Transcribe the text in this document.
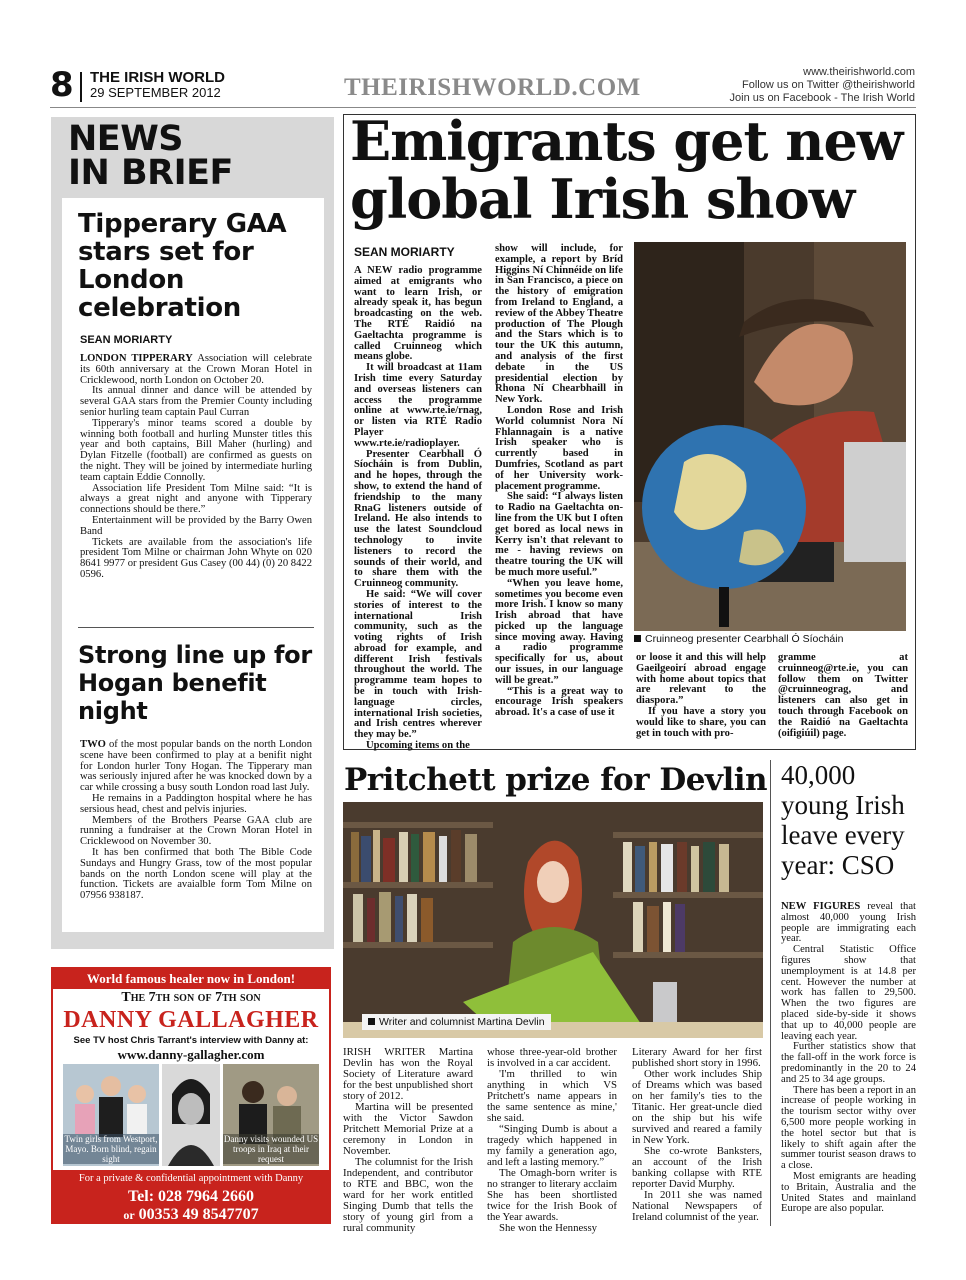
8 THE IRISH WORLD
29 SEPTEMBER 2012	THEIRISHWORLD.COM
www.theirishworld.com
Follow us on Twitter @theirishworld
Join us on Facebook - The Irish World
NEWS
IN BRIEF
Tipperary GAA stars set for London celebration
SEAN MORIARTY

LONDON TIPPERARY Association will celebrate its 60th anniversary at the Crown Moran Hotel in Cricklewood, north London on October 20.

Its annual dinner and dance will be attended by several GAA stars from the Premier County including senior hurling team captain Paul Curran

Tipperary's minor teams scored a double by winning both football and hurling Munster titles this year and both captains, Bill Maher (hurling) and Dylan Fitzelle (football) are confirmed as guests on the night. They will be joined by intermediate hurling team captain Eddie Connolly.

Association life President Tom Milne said: “It is always a great night and anyone with Tipperary connections should be there.”

Entertainment will be provided by the Barry Owen Band

Tickets are available from the association's life president Tom Milne or chairman John Whyte on 020 8641 9977 or president Gus Casey (00 44) (0) 20 8422 0596.

Strong line up for Hogan benefit night

TWO of the most popular bands on the north London scene have been confirmed to play at a benifit night for London hurler Tony Hogan. The Tipperary man was seriously injured after he was knocked down by a car while crossing a busy south London road last July.

He remains in a Paddington hospital where he has sersious head, chest and pelvis injuries.

Members of the Brothers Pearse GAA club are running a fundraiser at the Crown Moran Hotel in Cricklewood on November 30.

It has ben confirmed that both The Bible Code Sundays and Hungry Grass, tow of the most popular bands on the north London scene will play at the function. Tickets are avaialble form Tom Milne on 07956 938187.

Emigrants get new global Irish show
SEAN MORIARTY

A NEW radio programme aimed at emigrants who want to learn Irish, or already speak it, has begun broadcasting on the web. The RTÉ Raidió na Gaeltachta programme is called Cruinneog which means globe.

It will broadcast at 11am Irish time every Saturday and overseas listeners can access the programme online at www.rte.ie/rnag, or listen via RTÉ Radio Player www.rte.ie/radioplayer.

Presenter Cearbhall Ó Síocháin is from Dublin, and he hopes, through the show, to extend the hand of friendship to the many RnaG listeners outside of Ireland. He also intends to use the latest Soundcloud technology to invite listeners to record the sounds of their world, and to share them with the Cruinneog community.

He said: “We will cover stories of interest to the international Irish community, such as the voting rights of Irish abroad for example, and different Irish festivals throughout the world. The programme team hopes to be in touch with Irish-language circles, international Irish societies, and Irish centres wherever they may be.”

Upcoming items on the

show will include, for example, a report by Bríd Higgins Ní Chinnéide on life in San Francisco, a piece on the history of emigration from Ireland to England, a review of the Abbey Theatre production of The Plough and the Stars which is to tour the UK this autumn, and analysis of the first debate in the US presidential election by Rhona Ní Chearbhaill in New York.

London Rose and Irish World columnist Nora Ní Fhlannagain is a native Irish speaker who is currently based in Dumfries, Scotland as part of her University work-placement programme.

She said: “I always listen to Radio na Gaeltachta on-line from the UK but I often get bored as local news in Kerry isn't that relevant to me - having reviews on theatre touring the UK will be much more useful.”

“When you leave home, sometimes you become even more Irish. I know so many Irish abroad that have picked up the language since moving away. Having a radio programme specifically for us, about our issues, in our language will be great.”

“This is a great way to encourage Irish speakers abroad. It's a case of use it

Cruinneog presenter Cearbhall Ó Síocháin

or loose it and this will help Gaeilgeoirí abroad engage with home about topics that are relevant to the diaspora.”

If you have a story you would like to share, you can get in touch with pro-

gramme at cruinneog@rte.ie, you can follow them on Twitter @cruinneograg, and listeners can also get in touch through Facebook on the Raidió na Gaeltachta (oifigiúil) page.

Pritchett prize for Devlin
Writer and columnist Martina Devlin

IRISH WRITER Martina Devlin has won the Royal Society of Literature award for the best unpublished short story of 2012.

Martina will be presented with the Victor Sawdon Pritchett Memorial Prize at a ceremony in London in November.

The columnist for the Irish Independent, and contributor to RTE and BBC, won the ward for her work entitled Singing Dumb that tells the story of young girl from a rural community

whose three-year-old brother is involved in a car accident.

'I'm thrilled to win anything in which VS Pritchett's name appears in the same sentence as mine,' she said.

“Singing Dumb is about a tragedy which happened in my family a generation ago, and left a lasting memory.”

The Omagh-born writer is no stranger to literary acclaim She has been shortlisted twice for the Irish Book of the Year awards.

She won the Hennessy

Literary Award for her first published short story in 1996.

Other work includes Ship of Dreams which was based on her family's ties to the Titanic. Her great-uncle died on the ship but his wife survived and reared a family in New York.

She co-wrote Banksters, an account of the Irish banking collapse with RTE reporter David Murphy.

In 2011 she was named National Newspapers of Ireland columnist of the year.

40,000 young Irish leave every year: CSO

NEW FIGURES reveal that almost 40,000 young Irish people are immigrating each year.

Central Statistic Office figures show that unemployment is at 14.8 per cent. However the number at work has fallen to 29,500. When the two figures are placed side-by-side it shows that up to 40,000 people are leaving each year.

Further statistics show that the fall-off in the work force is predominantly in the 20 to 24 and 25 to 34 age groups.

There has been a report in an increase of people working in the tourism sector withy over 6,500 more people working in the hotel sector but that is likely to shift again after the summer tourist season draws to a close.

Most emigrants are heading to Britain, Australia and the United States and mainland Europe are also popular.

World famous healer now in London!
The 7th son of 7th son
DANNY GALLAGHER
See TV host Chris Tarrant's interview with Danny at:
www.danny-gallagher.com
Twin girls from Westport, Mayo. Born blind, regain sight
Danny visits wounded US troops in Iraq at their request
For a private & confidential appointment with Danny
Tel: 028 7964 2660
or 00353 49 8547707
